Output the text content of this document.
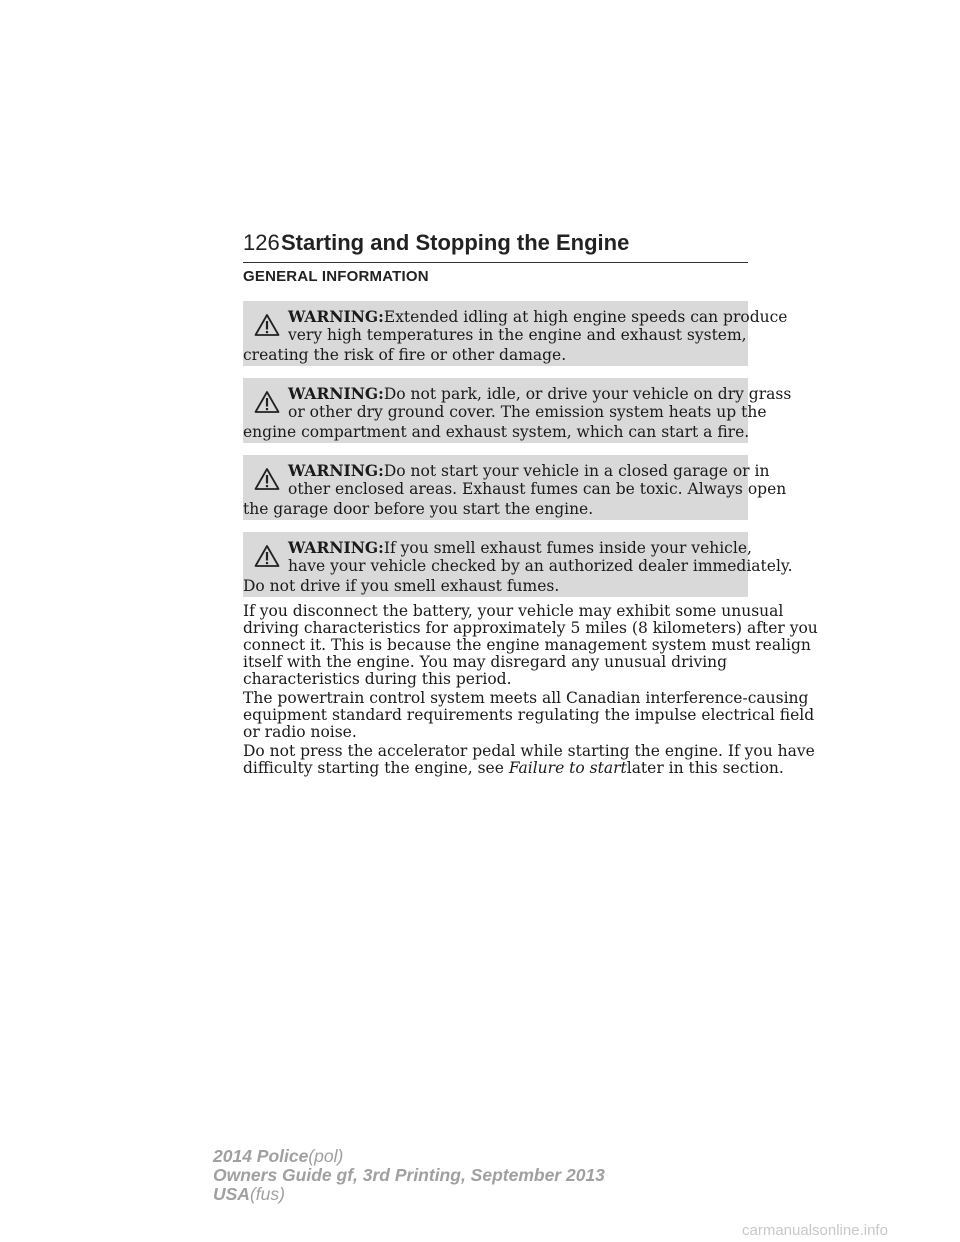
126 Starting and Stopping the Engine
GENERAL INFORMATION
WARNING:Extended idling at high engine speeds can produce
very high temperatures in the engine and exhaust system,
creating the risk of fire or other damage.
WARNING:Do not park, idle, or drive your vehicle on dry grass
or other dry ground cover. The emission system heats up the
engine compartment and exhaust system, which can start a fire.
WARNING:Do not start your vehicle in a closed garage or in
other enclosed areas. Exhaust fumes can be toxic. Always open
the garage door before you start the engine.
WARNING:If you smell exhaust fumes inside your vehicle,
have your vehicle checked by an authorized dealer immediately.
Do not drive if you smell exhaust fumes.
If you disconnect the battery, your vehicle may exhibit some unusual
driving characteristics for approximately 5 miles (8 kilometers) after you
connect it. This is because the engine management system must realign
itself with the engine. You may disregard any unusual driving
characteristics during this period.
The powertrain control system meets all Canadian interference-causing
equipment standard requirements regulating the impulse electrical field
or radio noise.
Do not press the accelerator pedal while starting the engine. If you have
difficulty starting the engine, see Failure to startlater in this section.
2014 Police(pol)
Owners Guide gf, 3rd Printing, September 2013
USA(fus)
carmanualsonline.info
